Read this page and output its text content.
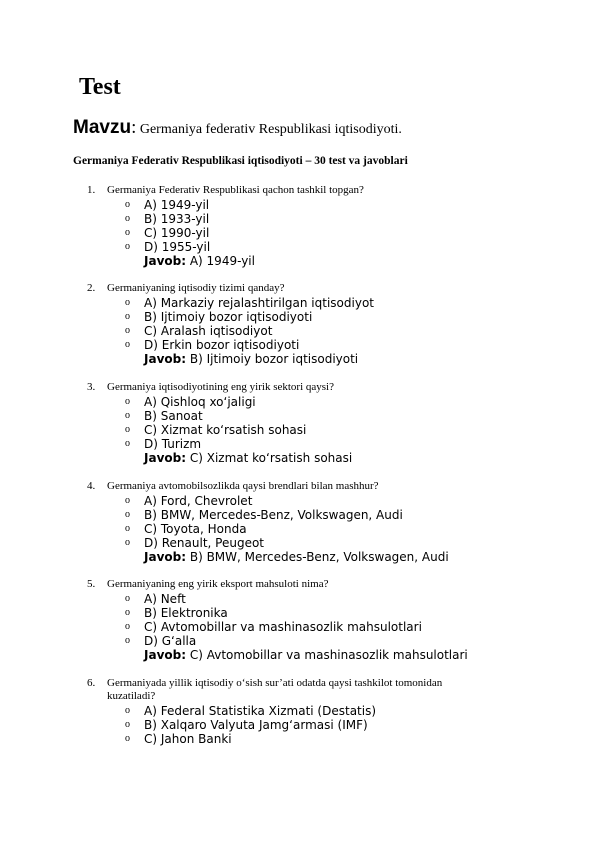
Test
Mavzu: Germaniya federativ Respublikasi iqtisodiyoti.

Germaniya Federativ Respublikasi iqtisodiyoti – 30 test va javoblari

1. Germaniya Federativ Respublikasi qachon tashkil topgan?
o A) 1949-yil
o B) 1933-yil
o C) 1990-yil
o D) 1955-yil
Javob: A) 1949-yil
2. Germaniyaning iqtisodiy tizimi qanday?
o A) Markaziy rejalashtirilgan iqtisodiyot
o B) Ijtimoiy bozor iqtisodiyoti
o C) Aralash iqtisodiyot
o D) Erkin bozor iqtisodiyoti
Javob: B) Ijtimoiy bozor iqtisodiyoti
3. Germaniya iqtisodiyotining eng yirik sektori qaysi?
o A) Qishloq xo‘jaligi
o B) Sanoat
o C) Xizmat ko‘rsatish sohasi
o D) Turizm
Javob: C) Xizmat ko‘rsatish sohasi
4. Germaniya avtomobilsozlikda qaysi brendlari bilan mashhur?
o A) Ford, Chevrolet
o B) BMW, Mercedes-Benz, Volkswagen, Audi
o C) Toyota, Honda
o D) Renault, Peugeot
Javob: B) BMW, Mercedes-Benz, Volkswagen, Audi
5. Germaniyaning eng yirik eksport mahsuloti nima?
o A) Neft
o B) Elektronika
o C) Avtomobillar va mashinasozlik mahsulotlari
o D) G‘alla
Javob: C) Avtomobillar va mashinasozlik mahsulotlari
6. Germaniyada yillik iqtisodiy o‘sish sur’ati odatda qaysi tashkilot tomonidan kuzatiladi?
o A) Federal Statistika Xizmati (Destatis)
o B) Xalqaro Valyuta Jamg‘armasi (IMF)
o C) Jahon Banki
